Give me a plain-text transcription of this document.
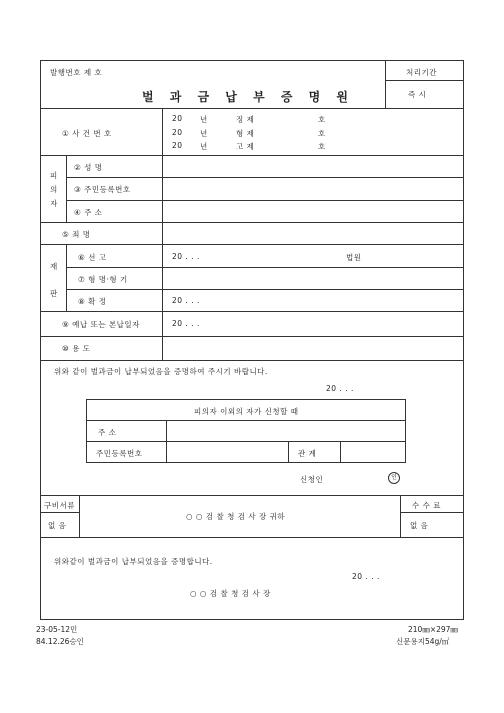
발행번호 제 호
벌 과 금 납 부 증 명 원
처리기간
즉 시
① 사 건 번 호
20 년	징 제	호
20 년	형 제	호
20 년	고 제	호
피
의
자
② 성 명
③ 주민등록번호
④ 주 소
⑤ 죄 명
재
판
⑥ 선 고	20 . . .	법원
⑦ 형 명·형 기
⑧ 확 정	20 . . .
⑨ 예납 또는 본납일자	20 . . .
⑩ 용 도
위와 같이 벌과금이 납부되었음을 증명하여 주시기 바랍니다.
20 . . .
피의자 이외의 자가 신청할 때
주 소
주민등록번호	관 계
신청인	인
구비서류
없 음
○ ○ 검 찰 청 검 사 장 귀하
수 수 료
없 음
위와같이 벌과금이 납부되었음을 증명합니다.
20 . . .
○ ○ 검 찰 청 검 사 장
23-05-12민
84.12.26승인
210㎜×297㎜
신문용지54g/㎡
